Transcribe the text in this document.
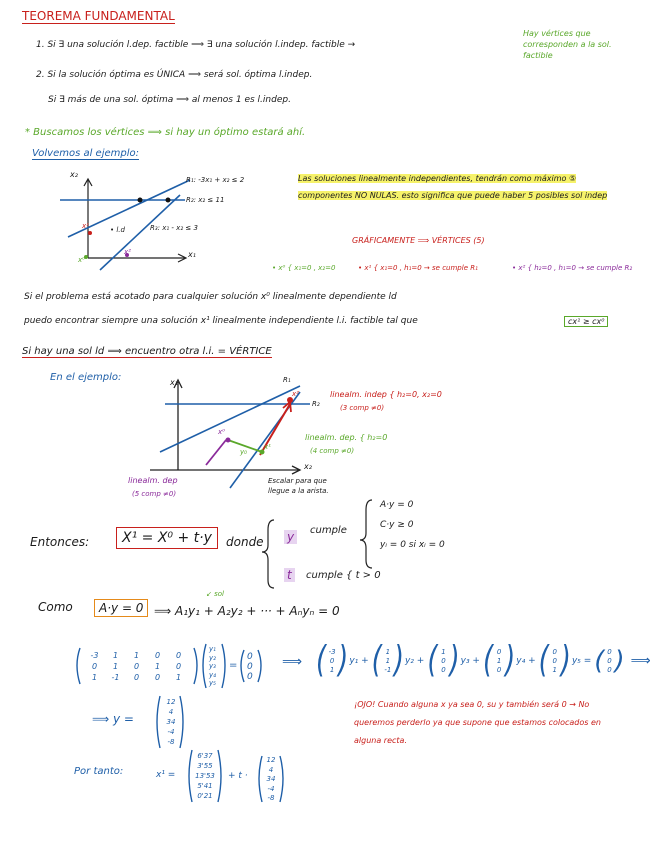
TEOREMA FUNDAMENTAL
1. Si ∃ una solución l.dep. factible ⟹ ∃ una solución l.indep. factible →
Hay vértices que corresponden a la sol. factible
2. Si la solución óptima es ÚNICA ⟹ será sol. óptima l.indep.
Si ∃ más de una sol. óptima ⟹ al menos 1 es l.indep.
* Buscamos los vértices ⟹ si hay un óptimo estará ahí.
Volvemos al ejemplo:
x₂
x₁
R₁: -3x₁ + x₂ ≤ 2
R₂: x₂ ≤ 11
R₃: x₁ - x₂ ≤ 3
• l.d
x¹
x⁰
x²
Las soluciones linealmente independientes, tendrán como máximo ⑤ componentes NO NULAS. esto significa que puede haber 5 posibles sol indep
GRÁFICAMENTE ⟹ VÉRTICES (5)
• x⁰ { x₁=0 , x₂=0	• x¹ { x₁=0 , h₁=0 → se cumple R₁	• x² { h₂=0 , h₁=0 → se cumple R₂
Si el problema está acotado para cualquier solución x⁰ linealmente dependiente ld
puedo encontrar siempre una solución x¹ linealmente independiente l.i. factible tal que	cx¹ ≥ cx⁰
Si hay una sol ld ⟹ encuentro otra l.i. = VÉRTICE
En el ejemplo:	x₁
x₂
R₁
R₂
x²
x⁰
x¹
y₀
linealm. indep { h₂=0, x₂=0
(3 comp ≠0)
linealm. dep. { h₂=0
(4 comp ≠0)
linealm. dep
(5 comp ≠0)
Escalar para que llegue a la arista.
Entonces:	X¹ = X⁰ + t·y	donde y	cumple
A·y = 0
C·y ≥ 0
yᵢ = 0 si xᵢ = 0
t	cumple { t > 0
Como	A·y = 0 ⟹ A₁y₁ + A₂y₂ + ··· + Aₙyₙ = 0
↙ sol
-3	1	1	0	0
0	1	0	1	0
1	-1	0	0	1
y₁
y₂
y₃
y₄
y₅
=
0
0
0
⟹ ( -3
0
1 ) y₁ + ( 1
1
-1 ) y₂ + ( 1
0
0 ) y₃ + ( 0
1
0 ) y₄ + ( 0
0
1 ) y₅ = ( 0
0
0 ) ⟹
⟹ y =
12
4
34
-4
-8
¡OJO! Cuando alguna x ya sea 0, su y también será 0 → No queremos perderlo ya que supone que estamos colocados en alguna recta.
Por tanto:	x¹ =
6'37
3'55
13'53
5'41
0'21
+ t ·
12
4
34
-4
-8
